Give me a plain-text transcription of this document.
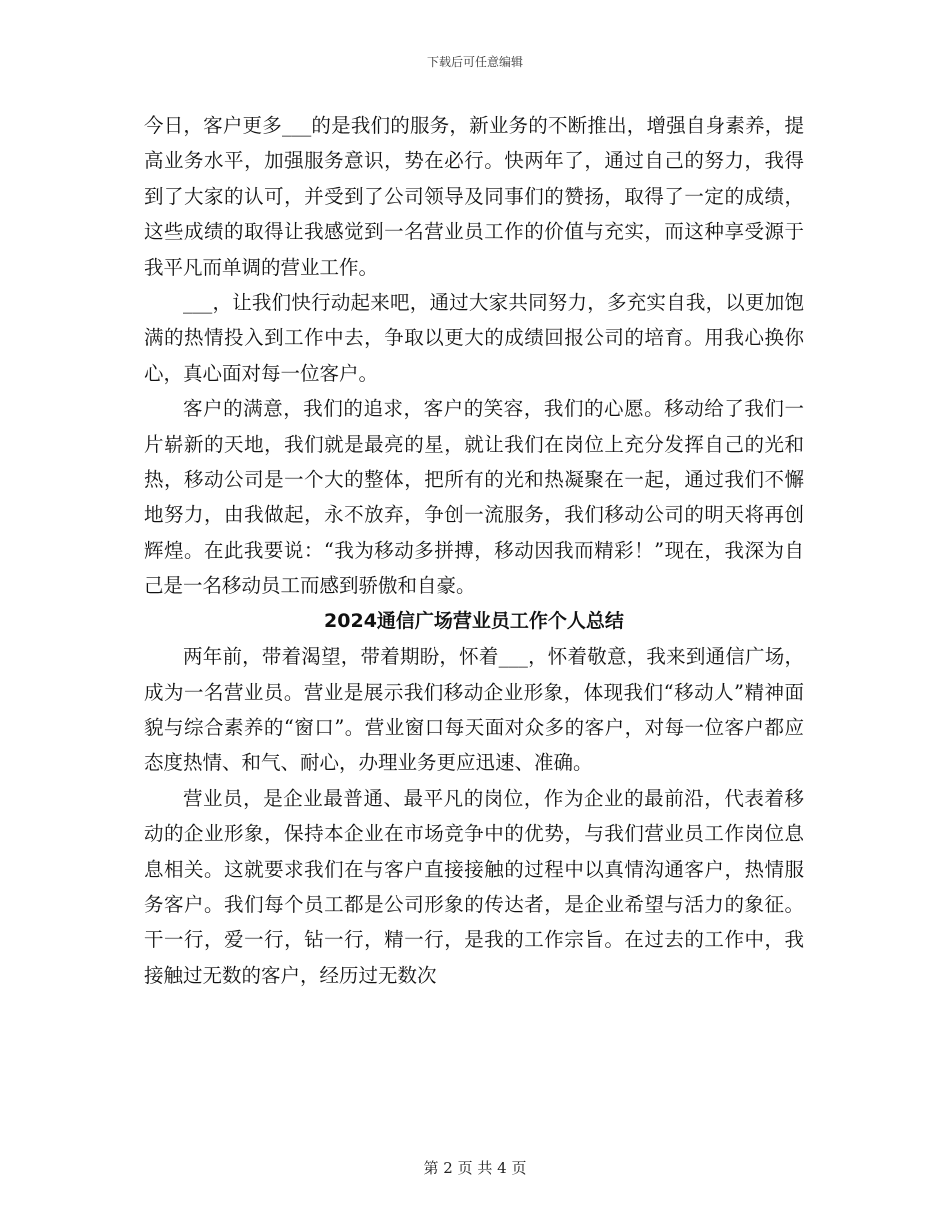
下载后可任意编辑

今日，客户更多___的是我们的服务，新业务的不断推出，增强自身素养，提高业务水平，加强服务意识，势在必行。快两年了，通过自己的努力，我得到了大家的认可，并受到了公司领导及同事们的赞扬，取得了一定的成绩，这些成绩的取得让我感觉到一名营业员工作的价值与充实，而这种享受源于我平凡而单调的营业工作。

___，让我们快行动起来吧，通过大家共同努力，多充实自我，以更加饱满的热情投入到工作中去，争取以更大的成绩回报公司的培育。用我心换你心，真心面对每一位客户。

客户的满意，我们的追求，客户的笑容，我们的心愿。移动给了我们一片崭新的天地，我们就是最亮的星，就让我们在岗位上充分发挥自己的光和热，移动公司是一个大的整体，把所有的光和热凝聚在一起，通过我们不懈地努力，由我做起，永不放弃，争创一流服务，我们移动公司的明天将再创辉煌。在此我要说：“我为移动多拼搏，移动因我而精彩！”现在，我深为自己是一名移动员工而感到骄傲和自豪。

2024通信广场营业员工作个人总结

两年前，带着渴望，带着期盼，怀着___，怀着敬意，我来到通信广场，成为一名营业员。营业是展示我们移动企业形象，体现我们“移动人”精神面貌与综合素养的“窗口”。营业窗口每天面对众多的客户，对每一位客户都应态度热情、和气、耐心，办理业务更应迅速、准确。

营业员，是企业最普通、最平凡的岗位，作为企业的最前沿，代表着移动的企业形象，保持本企业在市场竞争中的优势，与我们营业员工作岗位息息相关。这就要求我们在与客户直接接触的过程中以真情沟通客户，热情服务客户。我们每个员工都是公司形象的传达者，是企业希望与活力的象征。干一行，爱一行，钻一行，精一行，是我的工作宗旨。在过去的工作中，我接触过无数的客户，经历过无数次

第 2 页 共 4 页
